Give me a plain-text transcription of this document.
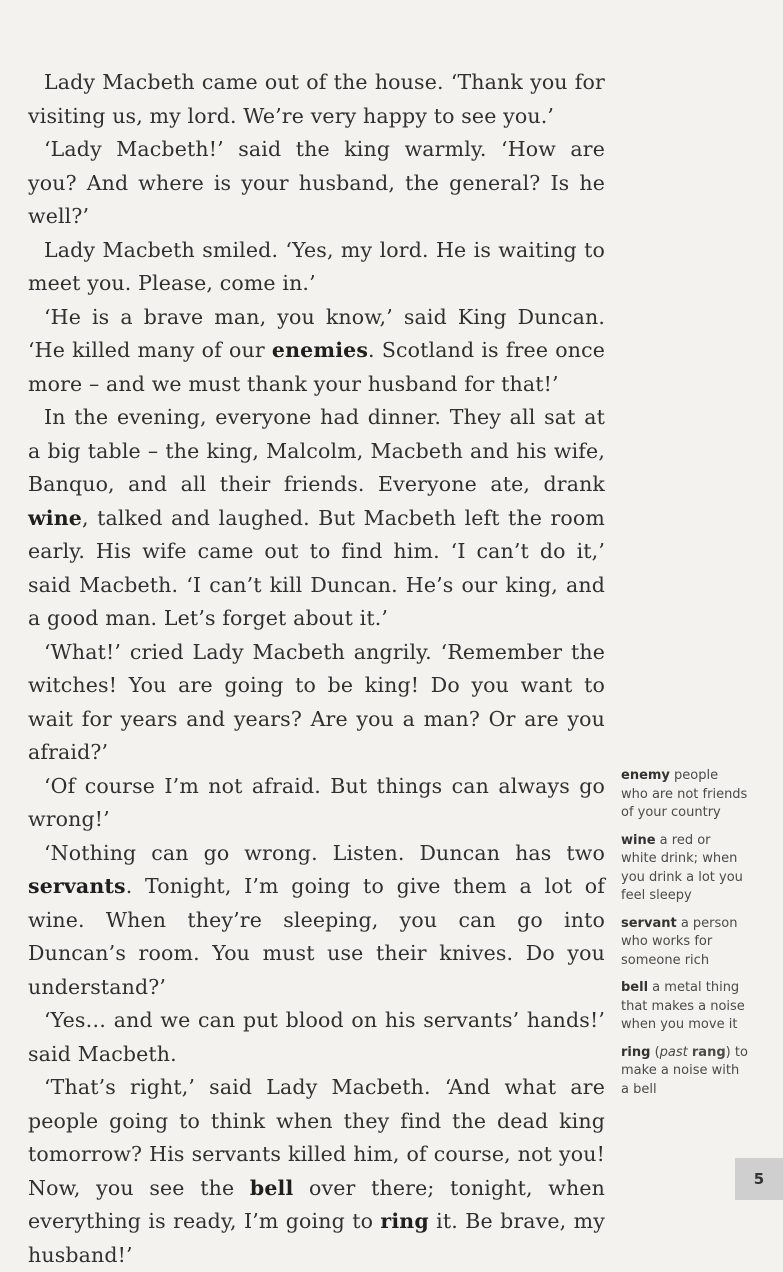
Lady Macbeth came out of the house. ‘Thank you for visiting us, my lord. We’re very happy to see you.’

‘Lady Macbeth!’ said the king warmly. ‘How are you? And where is your husband, the general? Is he well?’

Lady Macbeth smiled. ‘Yes, my lord. He is waiting to meet you. Please, come in.’

‘He is a brave man, you know,’ said King Duncan. ‘He killed many of our enemies. Scotland is free once more – and we must thank your husband for that!’

In the evening, everyone had dinner. They all sat at a big table – the king, Malcolm, Macbeth and his wife, Banquo, and all their friends. Everyone ate, drank wine, talked and laughed. But Macbeth left the room early. His wife came out to find him. ‘I can’t do it,’ said Macbeth. ‘I can’t kill Duncan. He’s our king, and a good man. Let’s forget about it.’

‘What!’ cried Lady Macbeth angrily. ‘Remember the witches! You are going to be king! Do you want to wait for years and years? Are you a man? Or are you afraid?’

‘Of course I’m not afraid. But things can always go wrong!’

‘Nothing can go wrong. Listen. Duncan has two servants. Tonight, I’m going to give them a lot of wine. When they’re sleeping, you can go into Duncan’s room. You must use their knives. Do you understand?’

‘Yes… and we can put blood on his servants’ hands!’ said Macbeth.

‘That’s right,’ said Lady Macbeth. ‘And what are people going to think when they find the dead king tomorrow? His servants killed him, of course, not you! Now, you see the bell over there; tonight, when everything is ready, I’m going to ring it. Be brave, my husband!’

enemy people who are not friends of your country
wine a red or white drink; when you drink a lot you feel sleepy
servant a person who works for someone rich
bell a metal thing that makes a noise when you move it
ring (past rang) to make a noise with a bell
5
